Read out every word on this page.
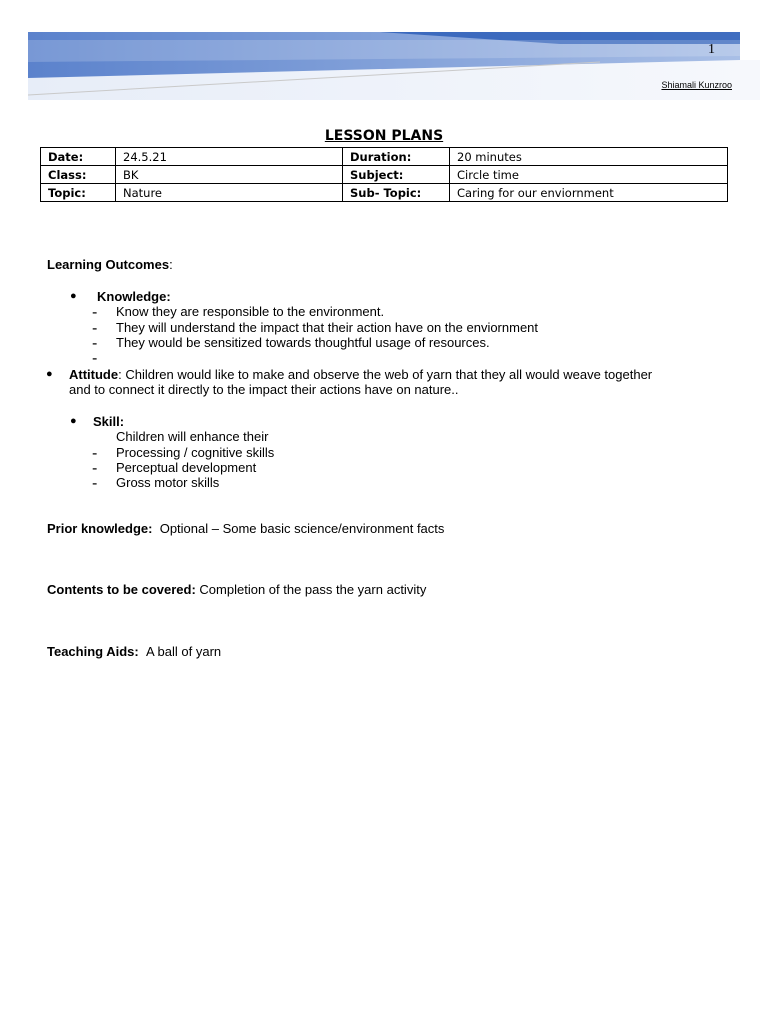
1
Shiamali Kunzroo
LESSON PLANS
Date:	24.5.21	Duration:	20 minutes
Class:	BK	Subject:	Circle time
Topic:	Nature	Sub- Topic:	Caring for our enviornment
Learning Outcomes:
● Knowledge:
- Know they are responsible to the environment.
- They will understand the impact that their action have on the enviornment
- They would be sensitized towards thoughtful usage of resources.
-
● Attitude: Children would like to make and observe the web of yarn that they all would weave together
and to connect it directly to the impact their actions have on nature..
● Skill:
Children will enhance their
- Processing / cognitive skills
- Perceptual development
- Gross motor skills
Prior knowledge: Optional – Some basic science/environment facts
Contents to be covered: Completion of the pass the yarn activity
Teaching Aids: A ball of yarn
